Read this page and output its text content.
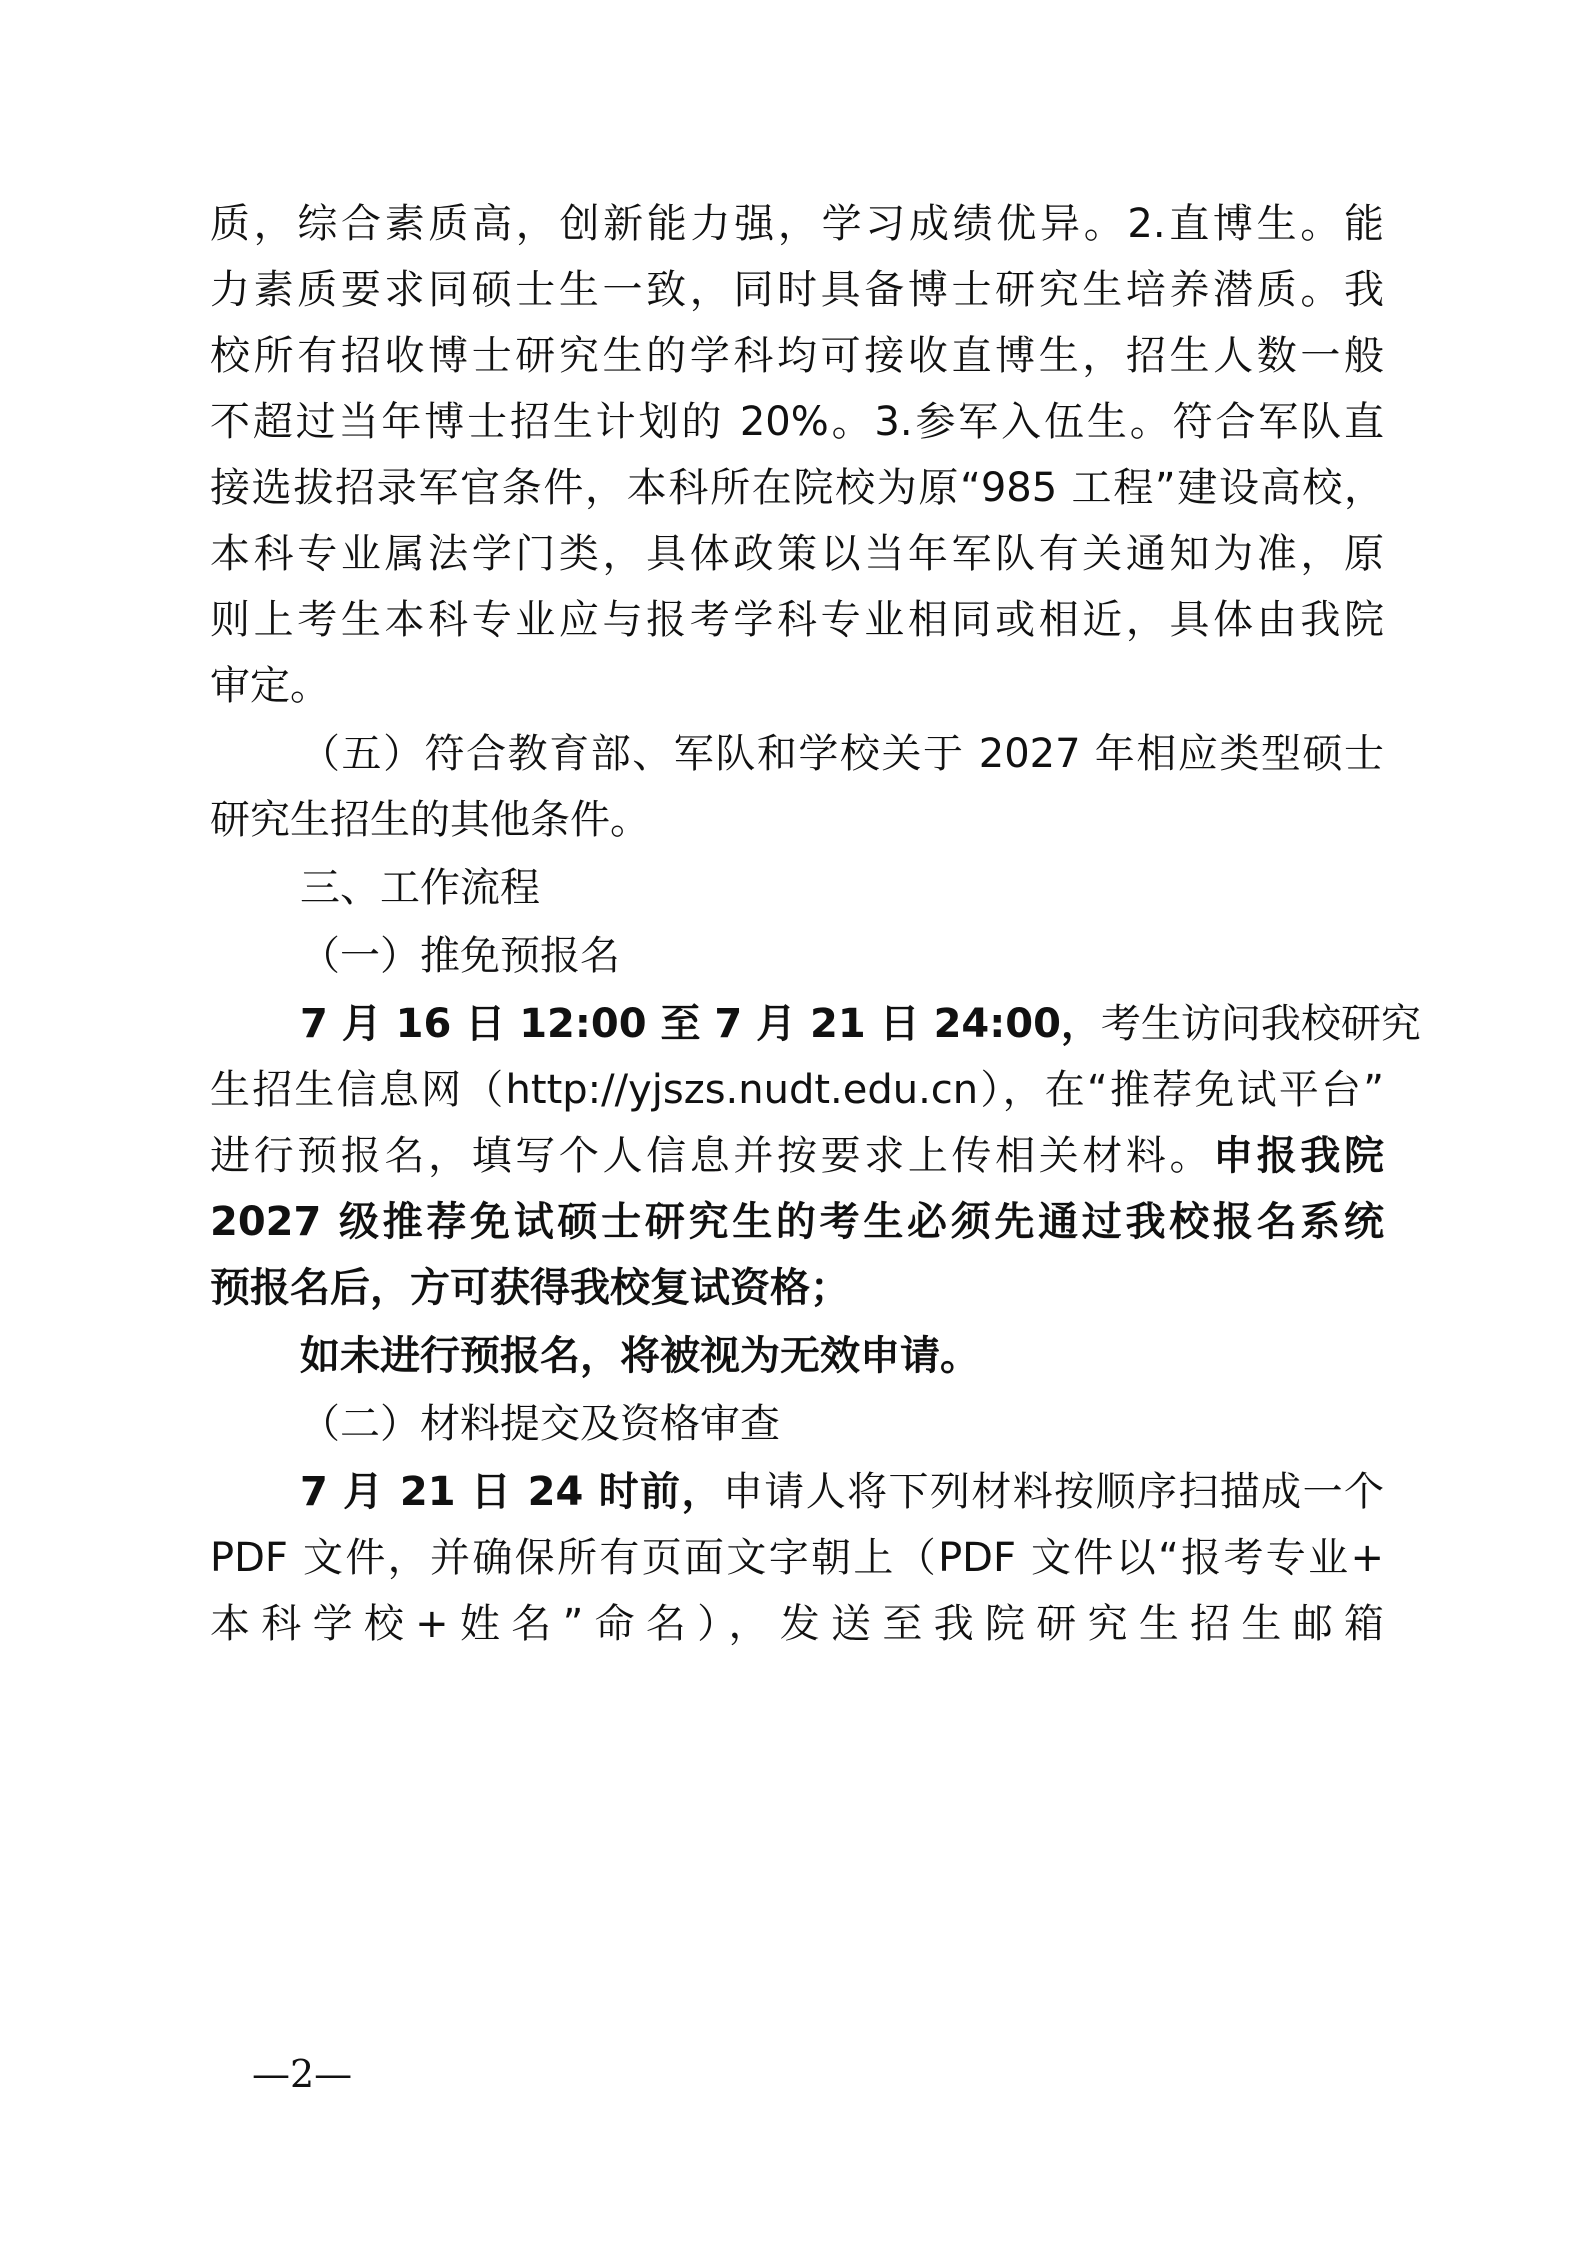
质，综合素质高，创新能力强，学习成绩优异。2.直博生。能
力素质要求同硕士生一致，同时具备博士研究生培养潜质。我
校所有招收博士研究生的学科均可接收直博生，招生人数一般
不超过当年博士招生计划的 20%。3.参军入伍生。符合军队直
接选拔招录军官条件，本科所在院校为原“985 工程”建设高校，
本科专业属法学门类，具体政策以当年军队有关通知为准，原
则上考生本科专业应与报考学科专业相同或相近，具体由我院
审定。
（五）符合教育部、军队和学校关于 2027 年相应类型硕士
研究生招生的其他条件。
三、工作流程
（一）推免预报名
7 月 16 日 12:00 至 7 月 21 日 24:00，考生访问我校研究
生招生信息网（http://yjszs.nudt.edu.cn），在“推荐免试平台”
进行预报名，填写个人信息并按要求上传相关材料。申报我院
2027 级推荐免试硕士研究生的考生必须先通过我校报名系统
预报名后，方可获得我校复试资格；
如未进行预报名，将被视为无效申请。
（二）材料提交及资格审查
7 月 21 日 24 时前，申请人将下列材料按顺序扫描成一个
PDF 文件，并确保所有页面文字朝上（PDF 文件以“报考专业+
本科学校+姓名”命名），发送至我院研究生招生邮箱
—2—
